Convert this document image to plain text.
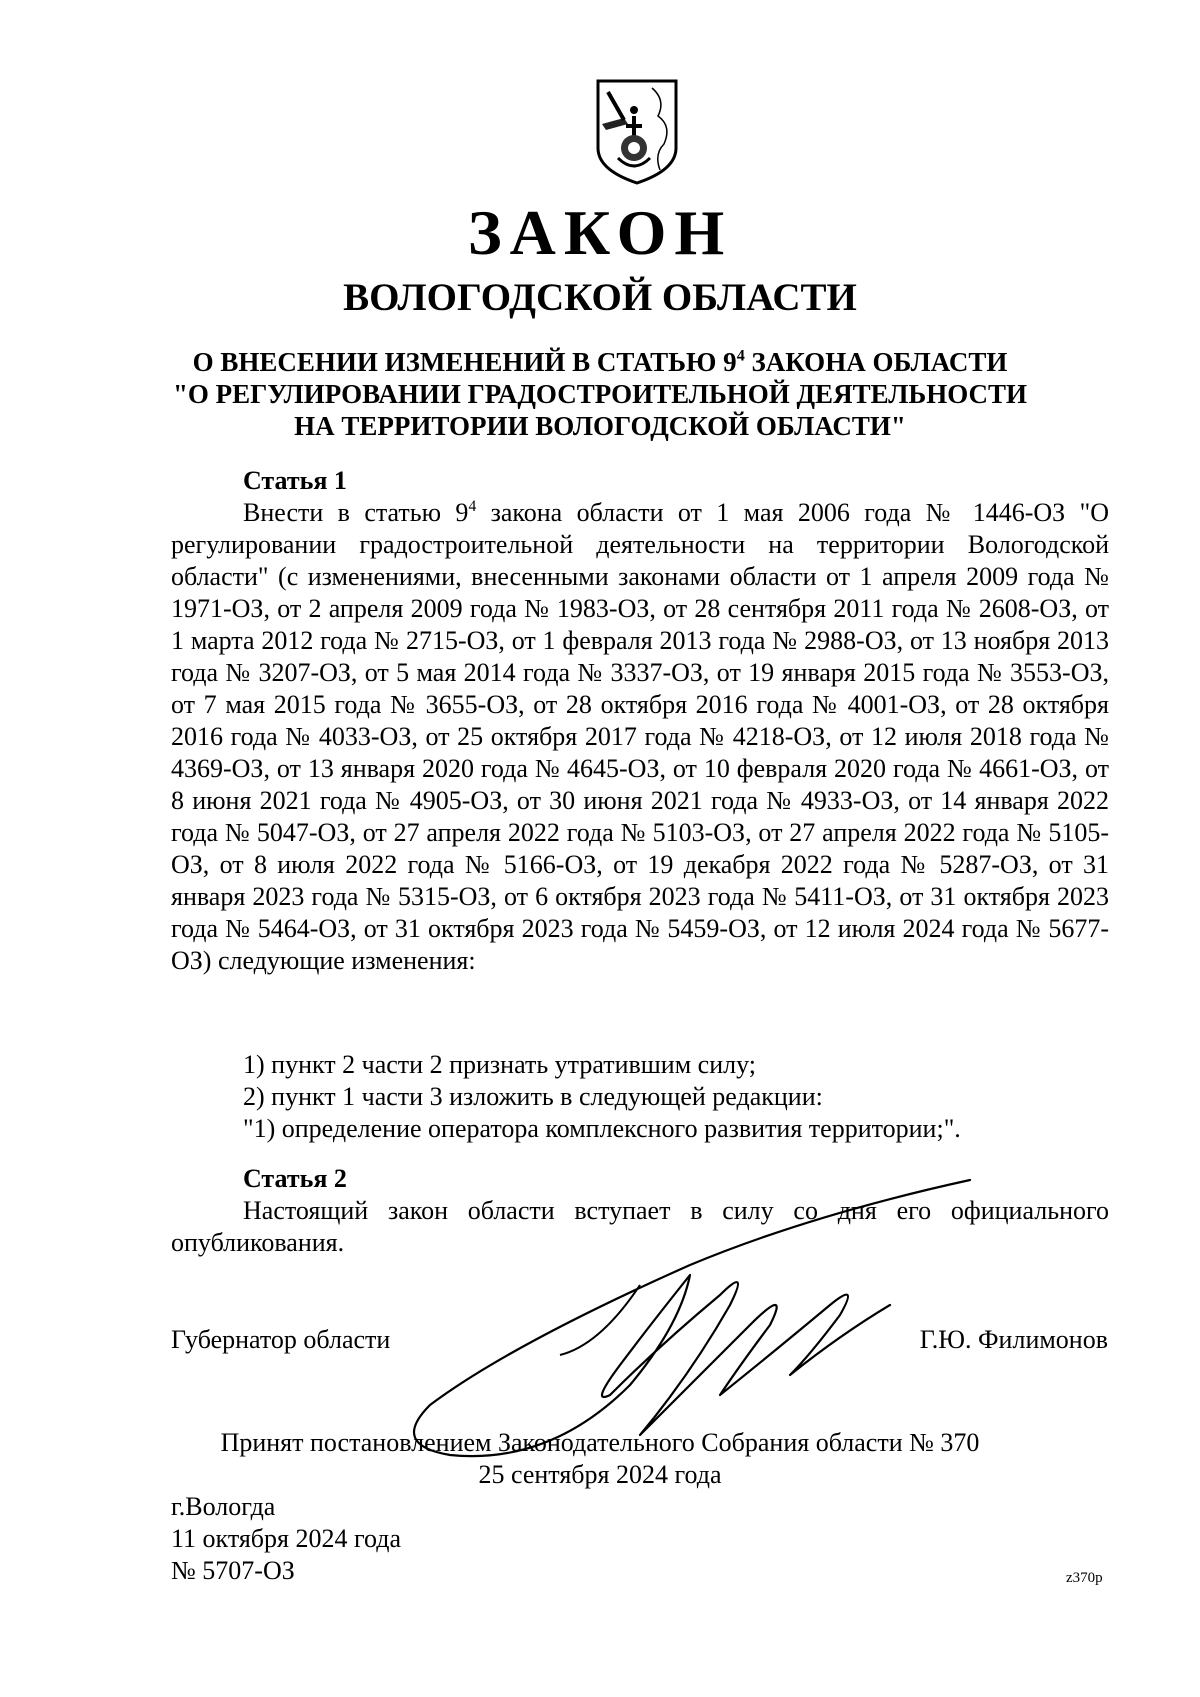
ЗАКОН
ВОЛОГОДСКОЙ ОБЛАСТИ

О ВНЕСЕНИИ ИЗМЕНЕНИЙ В СТАТЬЮ $9^4$ ЗАКОНА ОБЛАСТИ

"О РЕГУЛИРОВАНИИ ГРАДОСТРОИТЕЛЬНОЙ ДЕЯТЕЛЬНОСТИ

НА ТЕРРИТОРИИ ВОЛОГОДСКОЙ ОБЛАСТИ"

Статья 1

Внести в статью $9^4$ закона области от 1 мая 2006 года № 1446-ОЗ "О регулировании градостроительной деятельности на территории Вологодской области" (с изменениями, внесенными законами области от 1 апреля 2009 года № 1971-ОЗ, от 2 апреля 2009 года № 1983-ОЗ, от 28 сентября 2011 года № 2608-ОЗ, от 1 марта 2012 года № 2715-ОЗ, от 1 февраля 2013 года № 2988-ОЗ, от 13 ноября 2013 года № 3207-ОЗ, от 5 мая 2014 года № 3337-ОЗ, от 19 января 2015 года № 3553-ОЗ, от 7 мая 2015 года № 3655-ОЗ, от 28 октября 2016 года № 4001-ОЗ, от 28 октября 2016 года № 4033-ОЗ, от 25 октября 2017 года № 4218-ОЗ, от 12 июля 2018 года № 4369-ОЗ, от 13 января 2020 года № 4645-ОЗ, от 10 февраля 2020 года № 4661-ОЗ, от 8 июня 2021 года № 4905-ОЗ, от 30 июня 2021 года № 4933-ОЗ, от 14 января 2022 года № 5047-ОЗ, от 27 апреля 2022 года № 5103-ОЗ, от 27 апреля 2022 года № 5105-ОЗ, от 8 июля 2022 года № 5166-ОЗ, от 19 декабря 2022 года № 5287-ОЗ, от 31 января 2023 года № 5315-ОЗ, от 6 октября 2023 года № 5411-ОЗ, от 31 октября 2023 года № 5464-ОЗ, от 31 октября 2023 года № 5459-ОЗ, от 12 июля 2024 года № 5677-ОЗ) следующие изменения:

1) пункт 2 части 2 признать утратившим силу;

2) пункт 1 части 3 изложить в следующей редакции:

"1) определение оператора комплексного развития территории;".

Статья 2

Настоящий закон области вступает в силу со дня его официального опубликования.

Губернатор области	Г.Ю. Филимонов

Принят постановлением Законодательного Собрания области № 370

25 сентября 2024 года

г.Вологда

11 октября 2024 года

№ 5707-ОЗ	z370p
